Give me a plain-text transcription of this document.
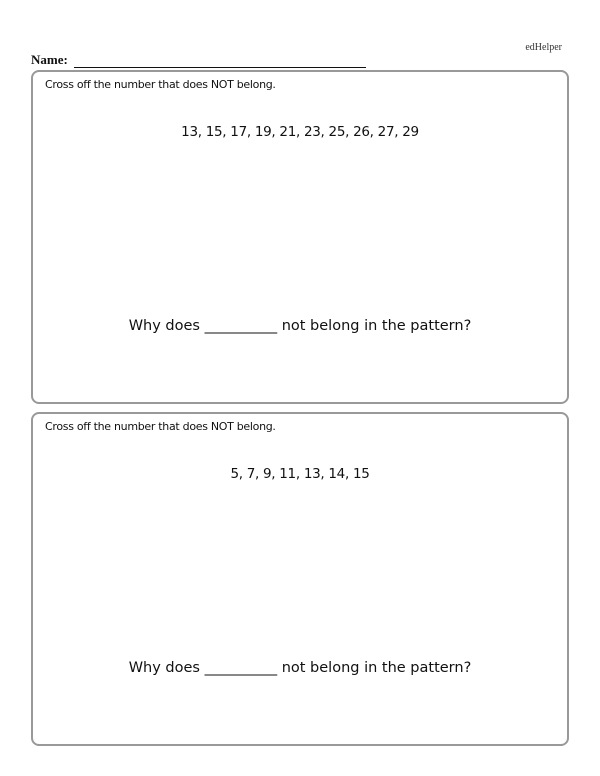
edHelper
Name:
Cross off the number that does NOT belong.
13, 15, 17, 19, 21, 23, 25, 26, 27, 29
Why does __________ not belong in the pattern?
Cross off the number that does NOT belong.
5, 7, 9, 11, 13, 14, 15
Why does __________ not belong in the pattern?
